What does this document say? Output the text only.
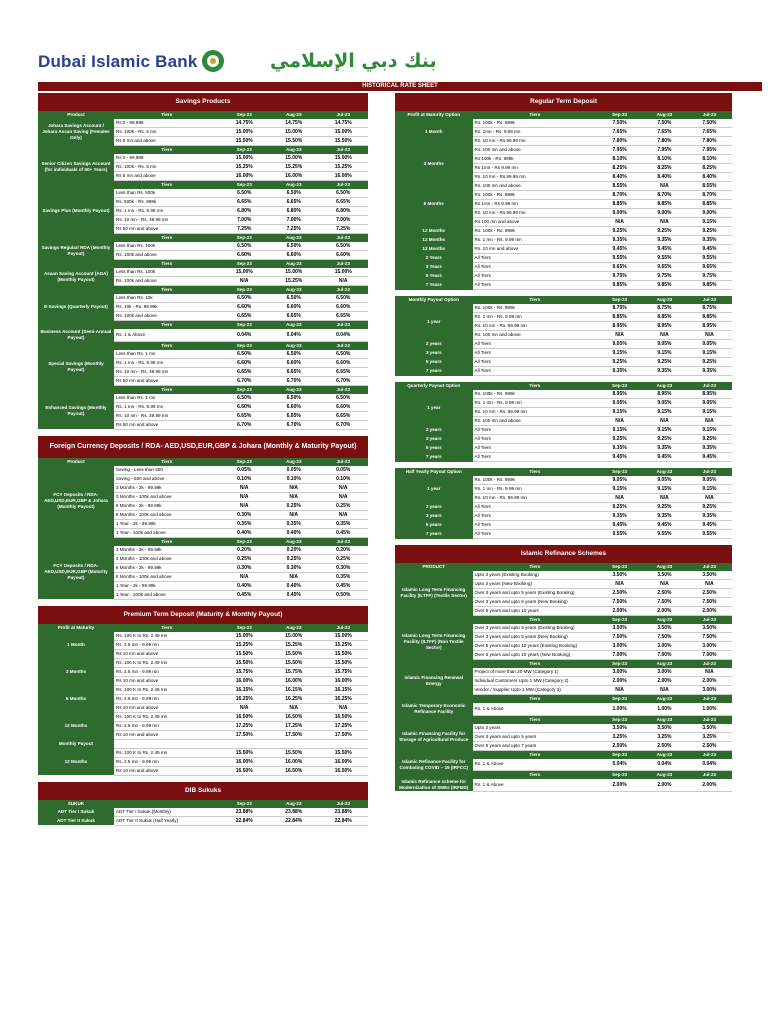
Dubai Islamic Bank	بنك دبي الإسلامي
HISTORICAL RATE SHEET
Savings Products
Product	Tiers	Sep-23	Aug-23	Jul-23
Johara Savings Account / Johara Ascan Saving (Females Only)	Rs 0 - 99,999	14.75%	14.75%	14.75%
	Rs. 100k - Rs. 5 mn	15.00%	15.00%	15.00%
	Rs 5 mn and above	15.50%	15.50%	15.50%
	Tiers	Sep-23	Aug-23	Jul-23
Senior Citizen Savings Account (for individuals of 60+ Years)	Rs 0 - 99,999	15.00%	15.00%	15.00%
	Rs. 100k - Rs. 5 mn	15.25%	15.25%	15.25%
	Rs 5 mn and above	16.00%	16.00%	16.00%
	Tiers	Sep-23	Aug-23	Jul-23
Savings Plus (Monthly Payout)	Less than Rs. 500k	6.50%	6.50%	6.50%
	Rs. 500k - Rs. 999k	6.65%	6.65%	6.65%
	Rs. 1 mn - Rs. 9.99 mn	6.80%	6.80%	6.80%
	Rs. 10 mn - Rs. 49.99 mn	7.00%	7.00%	7.00%
	Rs 50 mn and above	7.25%	7.25%	7.25%
	Tiers	Sep-23	Aug-23	Jul-23
Savings Regular/ RDA (Monthly Payout)	Less than Rs. 100k	6.50%	6.50%	6.50%
	Rs. 100k and above	6.60%	6.60%	6.60%
	Tiers	Sep-23	Aug-23	Jul-23
Asaan Saving Account (ADA) (Monthly Payout)	Less than Rs. 100k	15.00%	15.00%	15.00%
	Rs. 100k and above	N/A	15.25%	N/A
	Tiers	Sep-23	Aug-23	Jul-23
E-Savings (Quarterly Payout)	Less than Rs. 10k	6.50%	6.50%	6.50%
	Rs. 10k - Rs. 99.99k	6.60%	6.60%	6.60%
	Rs. 100k and above	6.65%	6.65%	6.65%
	Tiers	Sep-23	Aug-23	Jul-23
Business Account (Semi-Annual Payout)	Rs. 1 & Above	0.04%	0.04%	0.04%
	Tiers	Sep-23	Aug-23	Jul-23
Special Savings (Monthly Payout)	Less than Rs. 1 mn	6.50%	6.50%	6.50%
	Rs. 1 mn - Rs. 9.99 mn	6.60%	6.60%	6.60%
	Rs. 10 mn - Rs. 49.99 mn	6.65%	6.65%	6.65%
	Rs 50 mn and above	6.70%	6.70%	6.70%
	Tiers	Sep-23	Aug-23	Jul-23
Enhanced Savings (Monthly Payout)	Less than Rs. 1 mn	6.50%	6.50%	6.50%
	Rs. 1 mn - Rs. 9.99 mn	6.60%	6.60%	6.60%
	Rs. 10 mn - Rs. 49.99 mn	6.65%	6.65%	6.65%
	Rs 50 mn and above	6.70%	6.70%	6.70%
Foreign Currency Deposits / RDA- AED,USD,EUR,GBP & Johara (Monthly & Maturity Payout)
Product	Tiers	Sep-23	Aug-23	Jul-23
FCY Deposits / RDA-AED,USD,EUR,GBP & Johara (Monthly Payout)	Saving - Less than 500	0.05%	0.05%	0.05%
	Saving - 500 and above	0.10%	0.10%	0.10%
	3 Months - 2k - 99.99k	N/A	N/A	N/A
	3 Months - 100k and above	N/A	N/A	N/A
	6 Months - 2k - 99.99k	N/A	0.25%	0.25%
	6 Months - 100k and above	0.30%	N/A	N/A
	1 Year - 2k - 99.99k	0.35%	0.35%	0.35%
	1 Year - 100k and above	0.40%	0.40%	0.45%
	Tiers	Sep-23	Aug-23	Jul-23
FCY Deposits / RDA-AED,USD,EUR,GBP (Maturity Payout)	3 Months - 2k - 99.99k	0.20%	0.20%	0.20%
	3 Months - 100k and above	0.25%	0.25%	0.25%
	6 Months - 2k - 99.99k	0.30%	0.30%	0.30%
	6 Months - 100k and above	N/A	N/A	0.35%
	1 Year - 2k - 99.99k	0.40%	0.40%	0.45%
	1 Year - 100k and above	0.45%	0.45%	0.50%
Premium Term Deposit (Maturity & Monthly Payout)
Profit at Maturity	Tiers	Sep-23	Aug-23	Jul-23
1 Month	Rs. 100 K to Rs. 2.49 mn	15.00%	15.00%	15.00%
	Rs. 2.5 mn - 9.99 mn	15.25%	15.25%	15.25%
	Rs 10 mn and above	15.50%	15.50%	15.50%
3 Months	Rs. 100 K to Rs. 2.49 mn	15.50%	15.50%	15.50%
	Rs. 2.5 mn - 9.99 mn	15.75%	15.75%	15.75%
	Rs 10 mn and above	16.00%	16.00%	16.00%
6 Months	Rs. 100 K to Rs. 2.49 mn	16.15%	16.15%	16.15%
	Rs. 2.5 mn - 9.99 mn	16.25%	16.25%	16.25%
	Rs 10 mn and above	N/A	N/A	N/A
12 Months	Rs. 100 K to Rs. 2.49 mn	16.50%	16.50%	16.50%
	Rs. 2.5 mn - 9.99 mn	17.25%	17.25%	17.25%
	Rs 10 mn and above	17.50%	17.50%	17.50%
Monthly Payout				
12 Months	Rs. 100 K to Rs. 2.49 mn	15.50%	15.50%	15.50%
	Rs. 2.5 mn - 9.99 mn	16.00%	16.00%	16.00%
	Rs 10 mn and above	16.50%	16.50%	16.50%
DIB Sukuks
SUKUK		Sep-23	Aug-23	Jul-23
ADT Tier I Sukuk	ADT Tier I Sukuk (Monthly)	23.88%	23.88%	23.88%
ADT Tier II Sukuk	ADT Tier II Sukuk (Half Yearly)	22.84%	22.84%	22.84%
Regular Term Deposit
Profit at Maturity Option	Tiers	Sep-23	Aug-23	Jul-23
1 Month	Rs. 100k - Rs. 999k	7.50%	7.50%	7.50%
	Rs. 1mn - Rs. 9.99 mn	7.65%	7.65%	7.65%
	Rs. 10 mn - Rs.99.99 mn	7.80%	7.80%	7.80%
3 Months	Rs. 100 mn and above	7.95%	7.95%	7.95%
	Rs 100k - Rs. 999k	8.10%	8.10%	8.10%
	Rs 1mn - Rs 9.99 mn	8.25%	8.25%	8.25%
	Rs. 10 mn - Rs.99.99 mn	8.40%	8.40%	8.40%
6 Months	Rs. 100 mn and above	8.55%	N/A	8.55%
	Rs. 100k - Rs. 999k	8.70%	8.70%	8.70%
	Rs 1mn - Rs 9.99 mn	8.85%	8.85%	8.85%
	Rs. 10 mn - Rs.99.99 mn	9.00%	9.00%	9.00%
	Rs 100 mn and above	N/A	N/A	9.15%
12 Months	Rs. 100k - Rs. 999k	9.25%	9.25%	9.25%
12 Months	Rs. 1 mn - Rs. 9.99 mn	9.35%	9.35%	9.35%
12 Months	Rs. 10 mn and above	9.45%	9.45%	9.45%
2 Years	All Tiers	9.55%	9.55%	9.55%
3 Years	All Tiers	9.65%	9.65%	9.65%
5 Years	All Tiers	9.75%	9.75%	9.75%
7 Years	All Tiers	9.85%	9.85%	9.85%
Monthly Payout Option	Tiers	Sep-23	Aug-23	Jul-23
1 year	Rs. 100k - Rs. 999k	8.75%	8.75%	8.75%
	Rs. 1 mn - Rs. 9.99 mn	8.85%	8.85%	8.85%
	Rs. 10 mn - Rs. 99.99 mn	8.95%	8.95%	8.95%
	Rs. 100 mn and above	N/A	N/A	N/A
2 years	All Tiers	9.05%	9.05%	9.05%
3 years	All Tiers	9.15%	9.15%	9.15%
5 years	All Tiers	9.25%	9.25%	9.25%
7 years	All Tiers	9.35%	9.35%	9.35%
Quarterly Payout Option	Tiers	Sep-23	Aug-23	Jul-23
1 year	Rs. 100k - Rs. 999k	8.95%	8.95%	8.95%
	Rs. 1 mn - Rs. 9.99 mn	9.05%	9.05%	9.05%
	Rs. 10 mn - Rs. 99.99 mn	9.15%	9.15%	9.15%
	Rs. 100 mn and above	N/A	N/A	N/A
2 years	All Tiers	9.15%	9.15%	9.15%
3 years	All Tiers	9.25%	9.25%	9.25%
5 years	All Tiers	9.35%	9.35%	9.35%
7 years	All Tiers	9.45%	9.45%	9.45%
Half Yearly Payout Option	Tiers	Sep-23	Aug-23	Jul-23
1 year	Rs. 100k - Rs. 999k	9.05%	9.05%	9.05%
	Rs. 1 mn - Rs. 9.99 mn	9.15%	9.15%	9.15%
	Rs. 10 mn - Rs. 99.99 mn	N/A	N/A	N/A
2 years	All Tiers	9.25%	9.25%	9.25%
3 years	All Tiers	9.35%	9.35%	9.35%
5 years	All Tiers	9.45%	9.45%	9.45%
7 years	All Tiers	9.55%	9.55%	9.55%
Islamic Refinance Schemes
PRODUCT	Tiers	Sep-23	Aug-23	Jul-23
Islamic Long Term Financing Facility (ILTFF) (Textile Sector)	Upto 3 years (Existing Booking)	3.50%	3.50%	3.50%
	Upto 3 years (New Booking)	N/A	N/A	N/A
	Over 3 years and upto 5 years (Existing Booking)	2.50%	2.50%	2.50%
	Over 3 years and upto 5 years (New Booking)	7.50%	7.50%	7.50%
	Over 5 years and upto 10 years	2.00%	2.00%	2.00%
	Tiers	Sep-23	Aug-23	Jul-23
Islamic Long Term Financing Facility (ILTFF) (Non Textile Sector)	Over 3 years and upto 5 years (Existing Booking)	3.50%	3.50%	3.50%
	Over 3 years and upto 5 years (New Booking)	7.50%	7.50%	7.50%
	Over 5 years and upto 10 years (Existing Booking)	3.00%	3.00%	3.00%
	Over 5 years and upto 10 years (New Booking)	7.00%	7.00%	7.00%
	Tiers	Sep-23	Aug-23	Jul-23
Islamic Financing Renewal Energy	Project of more than 20 MW (Category 1)	3.00%	3.00%	N/A
	Individual Customers Upto 1 MW (Category 2)	2.00%	2.00%	2.00%
	Vendor / Supplier Upto 1 MW (Category 3)	N/A	N/A	3.00%
	Tiers	Sep-23	Aug-23	Jul-23
Islamic Temporary Economic Refinance Facility	Rs. 1 & Above	1.00%	1.00%	1.00%
	Tiers	Sep-23	Aug-23	Jul-23
Islamic Financing Facility for Storage of Agricultural Produce	Upto 3 years	3.50%	3.50%	3.50%
	Over 3 years and upto 5 years	3.25%	3.25%	3.25%
	Over 5 years and upto 7 years	2.50%	2.50%	2.50%
	Tiers	Sep-23	Aug-23	Jul-23
Islamic Refinance Facility for Combating COVID – 19 (IRFCC)	Rs. 1 & Above	0.04%	0.04%	0.04%
	Tiers	Sep-23	Aug-23	Jul-23
Islamic Refinance scheme for Modernization of SMEs (IRFMS)	Rs. 1 & Above	2.00%	2.00%	2.00%
